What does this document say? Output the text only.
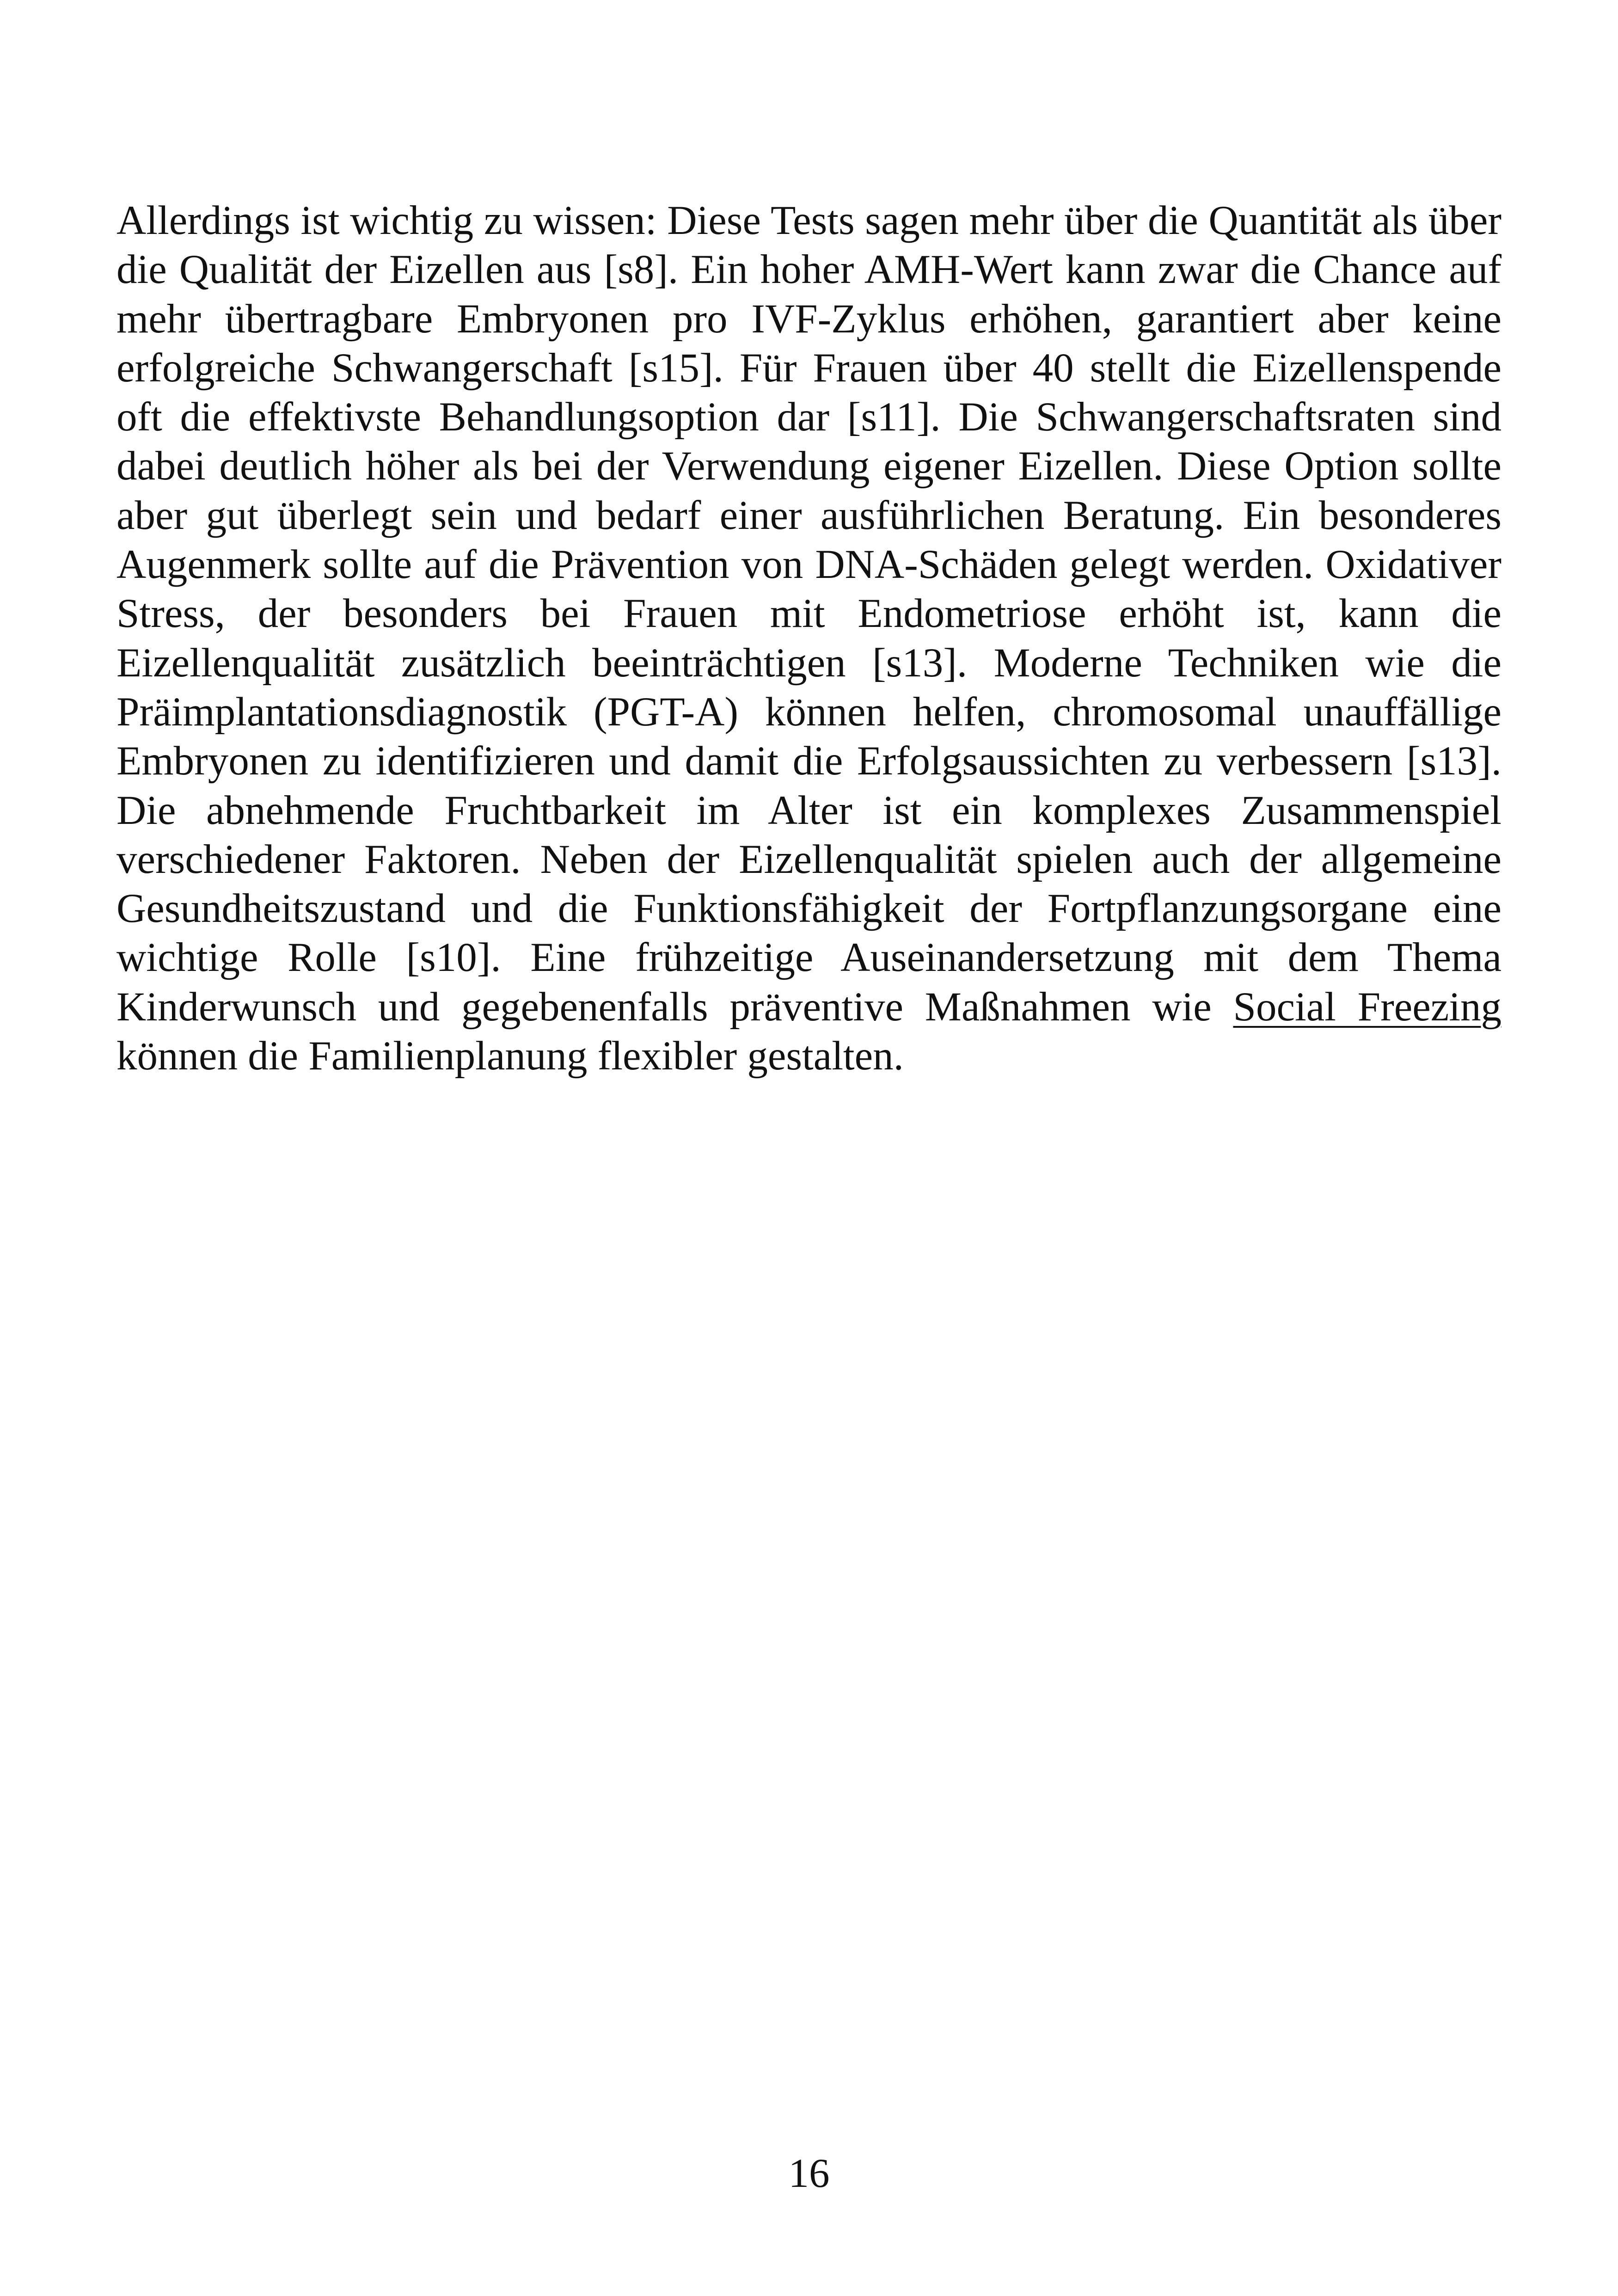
Allerdings ist wichtig zu wissen: Diese Tests sagen mehr über die Quantität als über die Qualität der Eizellen aus [s8]. Ein hoher AMH-Wert kann zwar die Chance auf mehr übertragbare Embryonen pro IVF-Zyklus erhöhen, garantiert aber keine erfolgreiche Schwangerschaft [s15]. Für Frauen über 40 stellt die Eizellenspende oft die effektivste Behandlungsoption dar [s11]. Die Schwangerschaftsraten sind dabei deutlich höher als bei der Verwendung eigener Eizellen. Diese Option sollte aber gut überlegt sein und bedarf einer ausführlichen Beratung. Ein besonderes Augenmerk sollte auf die Prävention von DNA-Schäden gelegt werden. Oxidativer Stress, der besonders bei Frauen mit Endometriose erhöht ist, kann die Eizellenqualität zusätzlich beeinträchtigen [s13]. Moderne Techniken wie die Präimplantationsdiagnostik (PGT-A) können helfen, chromosomal unauffällige Embryonen zu identifizieren und damit die Erfolgsaussichten zu verbessern [s13]. Die abnehmende Fruchtbarkeit im Alter ist ein komplexes Zusammenspiel verschiedener Faktoren. Neben der Eizellenqualität spielen auch der allgemeine Gesundheitszustand und die Funktionsfähigkeit der Fortpflanzungsorgane eine wichtige Rolle [s10]. Eine frühzeitige Auseinandersetzung mit dem Thema Kinderwunsch und gegebenenfalls präventive Maßnahmen wie Social Freezing können die Familienplanung flexibler gestalten.

16
